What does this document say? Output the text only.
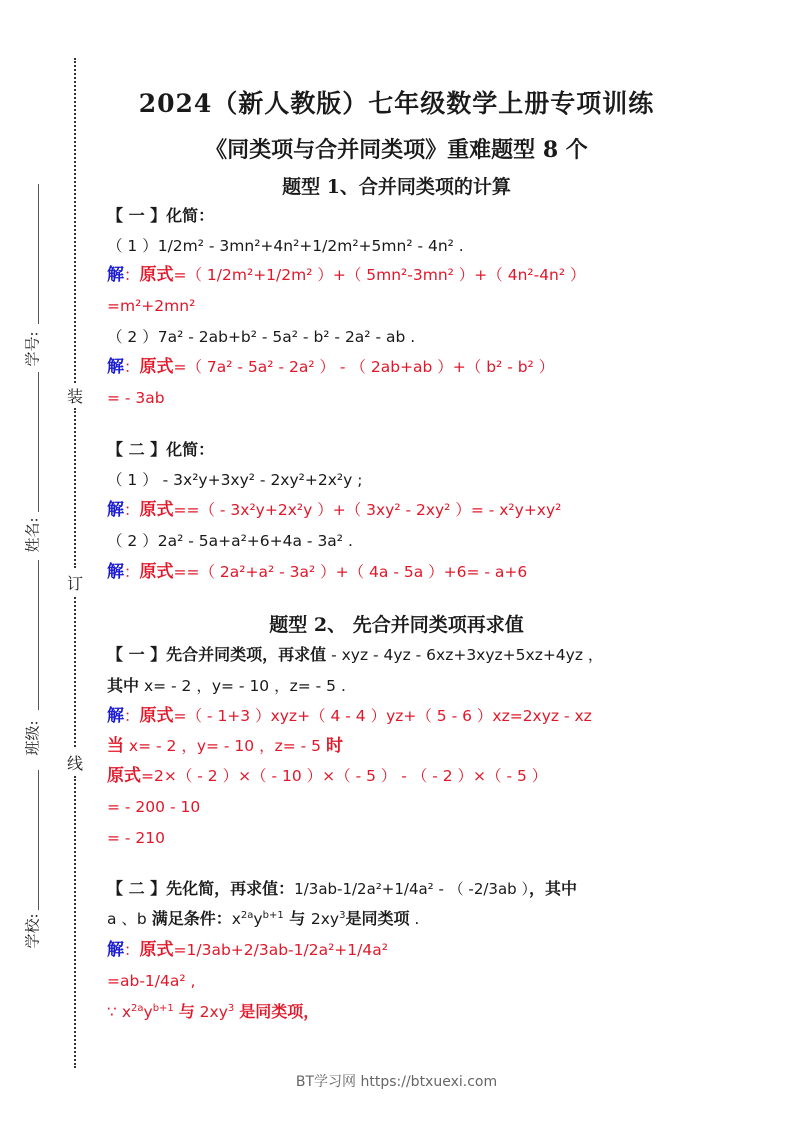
装
订
线
学号:
姓名:
班级:
学校:
2024（新人教版）七年级数学上册专项训练
《同类项与合并同类项》重难题型 8 个
题型 1、合并同类项的计算
【 一 】化简：
（ 1 ）1/2m² - 3mn²+4n²+1/2m²+5mn² - 4n² .
解：原式=（ 1/2m²+1/2m² ）+（ 5mn²-3mn² ）+（ 4n²-4n² ）
=m²+2mn²
（ 2 ）7a² - 2ab+b² - 5a² - b² - 2a² - ab .
解：原式=（ 7a² - 5a² - 2a² ） - （ 2ab+ab ）+（ b² - b² ）
= - 3ab
【 二 】化简：
（ 1 ） - 3x²y+3xy² - 2xy²+2x²y ;
解：原式==（ - 3x²y+2x²y ）+（ 3xy² - 2xy² ）= - x²y+xy²
（ 2 ）2a² - 5a+a²+6+4a - 3a² .
解：原式==（ 2a²+a² - 3a² ）+（ 4a - 5a ）+6= - a+6
题型 2、 先合并同类项再求值
【 一 】先合并同类项，再求值 - xyz - 4yz - 6xz+3xyz+5xz+4yz ，
其中 x= - 2 ，y= - 10 ，z= - 5 .
解：原式=（ - 1+3 ）xyz+（ 4 - 4 ）yz+（ 5 - 6 ）xz=2xyz - xz
当 x= - 2 ，y= - 10 ，z= - 5 时
原式=2×（ - 2 ）×（ - 10 ）×（ - 5 ） - （ - 2 ）×（ - 5 ）
= - 200 - 10
= - 210
【 二 】先化简，再求值：1/3ab-1/2a²+1/4a² - （ -2/3ab ），其中
a 、b 满足条件：$x^{2a}y^{b+1}$ 与 $2xy^3$是同类项 .
解：原式=1/3ab+2/3ab-1/2a²+1/4a²
=ab-1/4a² ,
∵ $x^{2a}y^{b+1}$ 与 $2xy^3$ 是同类项，
BT学习网 https://btxuexi.com
